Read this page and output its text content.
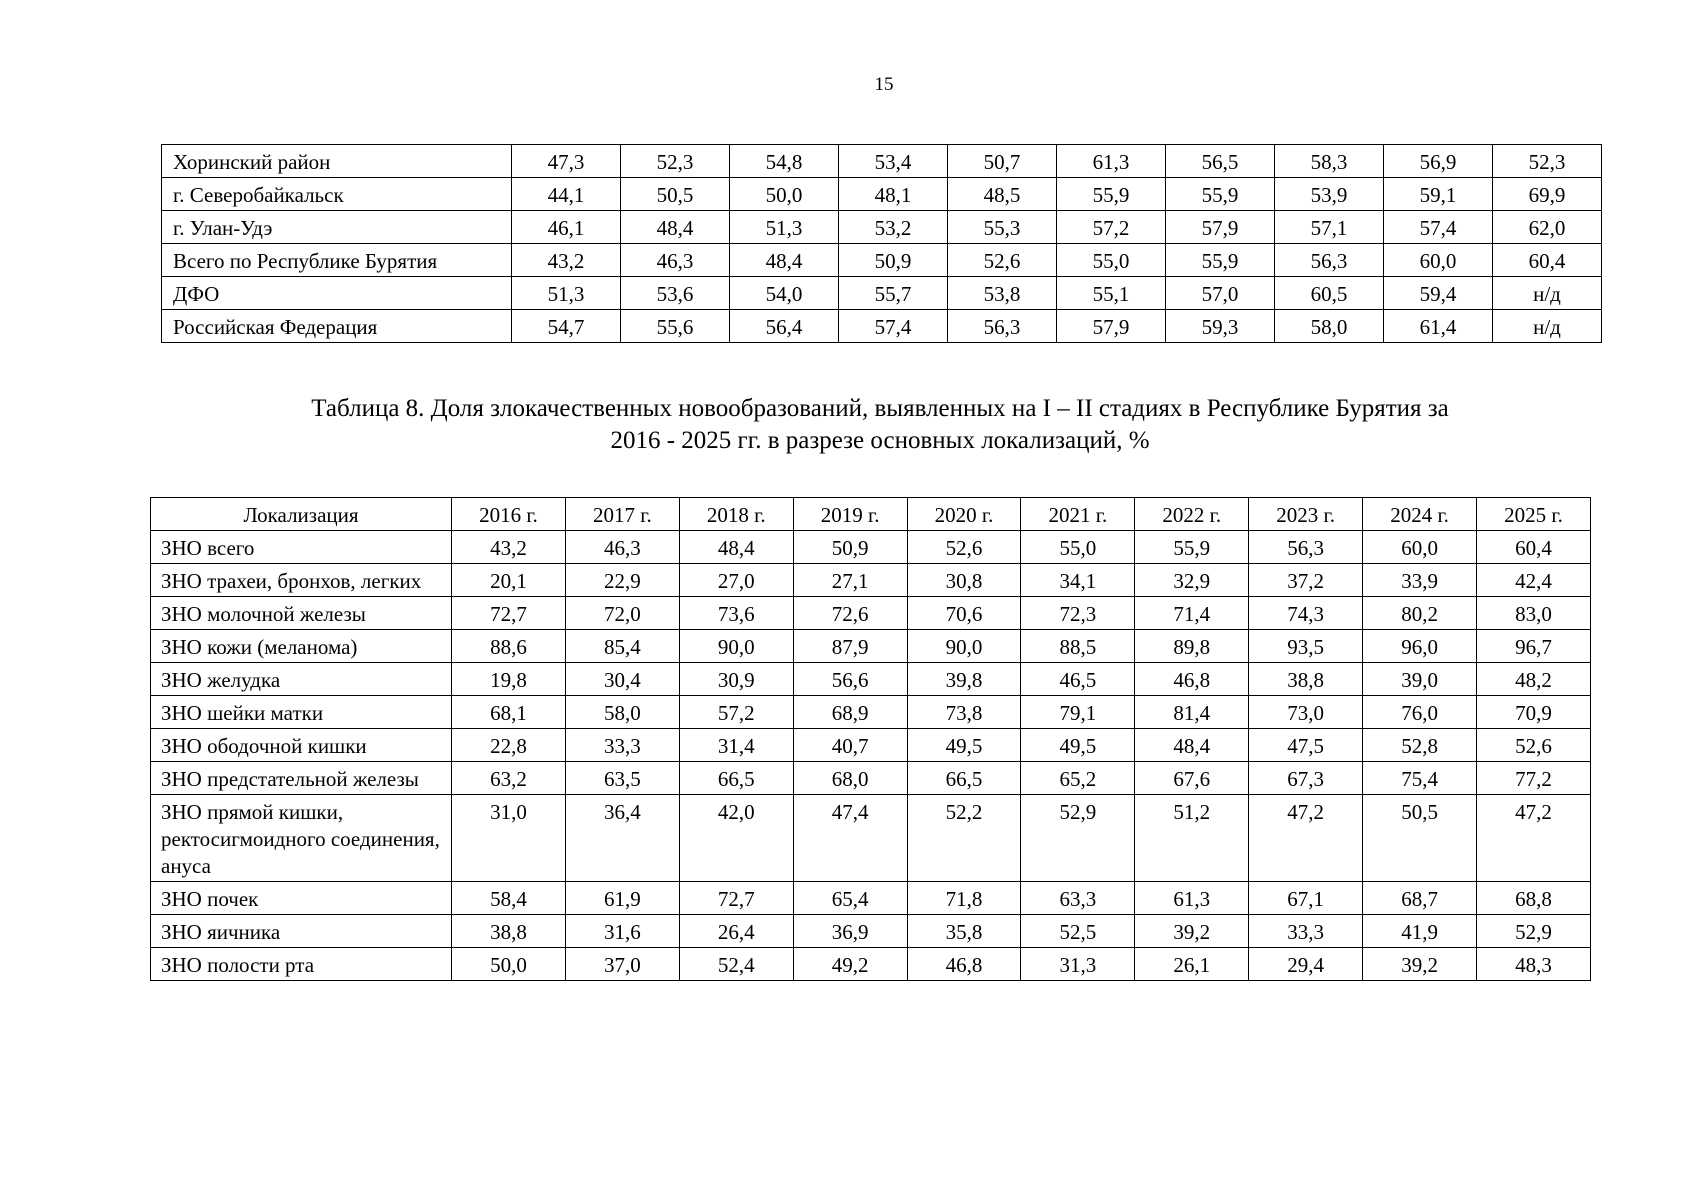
15
Хоринский район	47,3	52,3	54,8	53,4	50,7	61,3	56,5	58,3	56,9	52,3
г. Северобайкальск	44,1	50,5	50,0	48,1	48,5	55,9	55,9	53,9	59,1	69,9
г. Улан-Удэ	46,1	48,4	51,3	53,2	55,3	57,2	57,9	57,1	57,4	62,0
Всего по Республике Бурятия	43,2	46,3	48,4	50,9	52,6	55,0	55,9	56,3	60,0	60,4
ДФО	51,3	53,6	54,0	55,7	53,8	55,1	57,0	60,5	59,4	н/д
Российская Федерация	54,7	55,6	56,4	57,4	56,3	57,9	59,3	58,0	61,4	н/д
Таблица 8. Доля злокачественных новообразований, выявленных на I – II стадиях в Республике Бурятия за
2016 - 2025 гг. в разрезе основных локализаций, %
Локализация	2016 г.	2017 г.	2018 г.	2019 г.	2020 г.	2021 г.	2022 г.	2023 г.	2024 г.	2025 г.
ЗНО всего	43,2	46,3	48,4	50,9	52,6	55,0	55,9	56,3	60,0	60,4
ЗНО трахеи, бронхов, легких	20,1	22,9	27,0	27,1	30,8	34,1	32,9	37,2	33,9	42,4
ЗНО молочной железы	72,7	72,0	73,6	72,6	70,6	72,3	71,4	74,3	80,2	83,0
ЗНО кожи (меланома)	88,6	85,4	90,0	87,9	90,0	88,5	89,8	93,5	96,0	96,7
ЗНО желудка	19,8	30,4	30,9	56,6	39,8	46,5	46,8	38,8	39,0	48,2
ЗНО шейки матки	68,1	58,0	57,2	68,9	73,8	79,1	81,4	73,0	76,0	70,9
ЗНО ободочной кишки	22,8	33,3	31,4	40,7	49,5	49,5	48,4	47,5	52,8	52,6
ЗНО предстательной железы	63,2	63,5	66,5	68,0	66,5	65,2	67,6	67,3	75,4	77,2
ЗНО прямой кишки, ректосигмоидного соединения, ануса	31,0	36,4	42,0	47,4	52,2	52,9	51,2	47,2	50,5	47,2
ЗНО почек	58,4	61,9	72,7	65,4	71,8	63,3	61,3	67,1	68,7	68,8
ЗНО яичника	38,8	31,6	26,4	36,9	35,8	52,5	39,2	33,3	41,9	52,9
ЗНО полости рта	50,0	37,0	52,4	49,2	46,8	31,3	26,1	29,4	39,2	48,3
